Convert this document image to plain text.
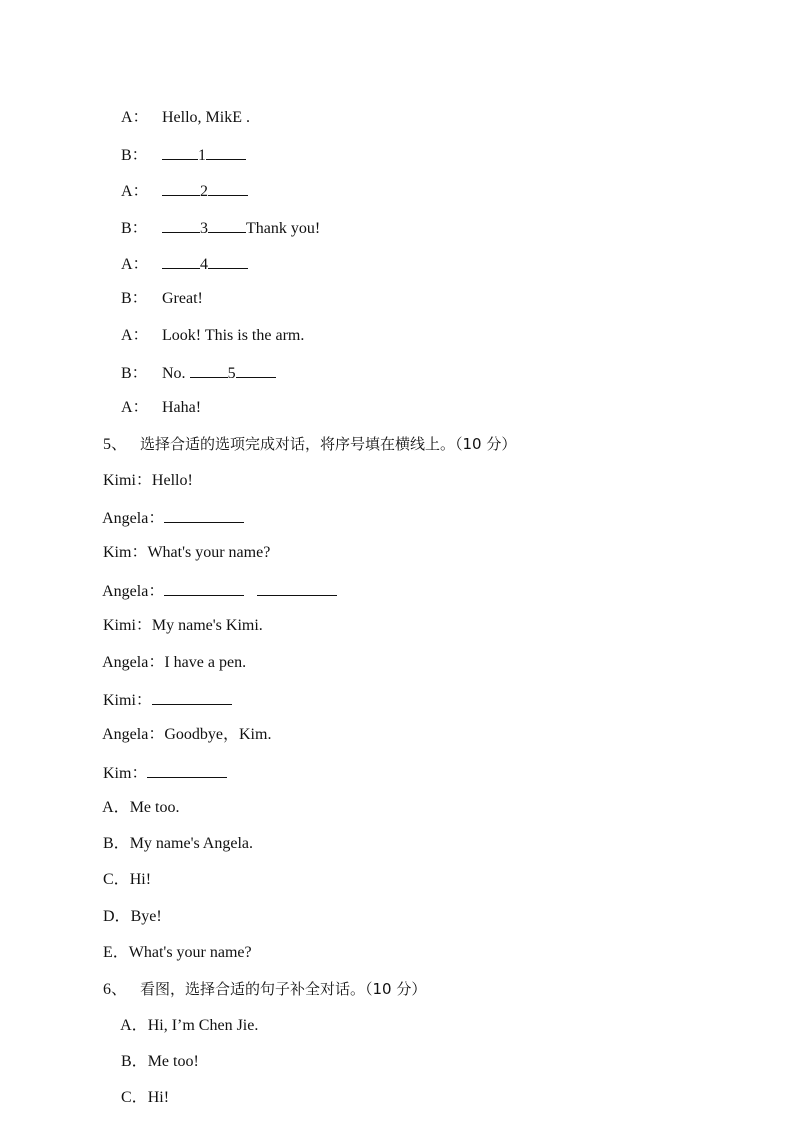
A： Hello, MikE .

B：	1

A：	2

B：	3 Thank you!

A：	4

B： Great!

A： Look! This is the arm.

B： No. 5

A： Haha!

5、 选择合适的选项完成对话，将序号填在横线上。（10 分）

Kimi：Hello!

Angela：

Kim：What's your name?

Angela：

Kimi：My name's Kimi.

Angela：I have a pen.

Kimi：

Angela：Goodbye，Kim.

Kim：

A．Me too.

B．My name's Angela.

C．Hi!

D．Bye!

E．What's your name?

6、 看图，选择合适的句子补全对话。（10 分）

A．Hi, I’m Chen Jie.

B．Me too!

C．Hi!
